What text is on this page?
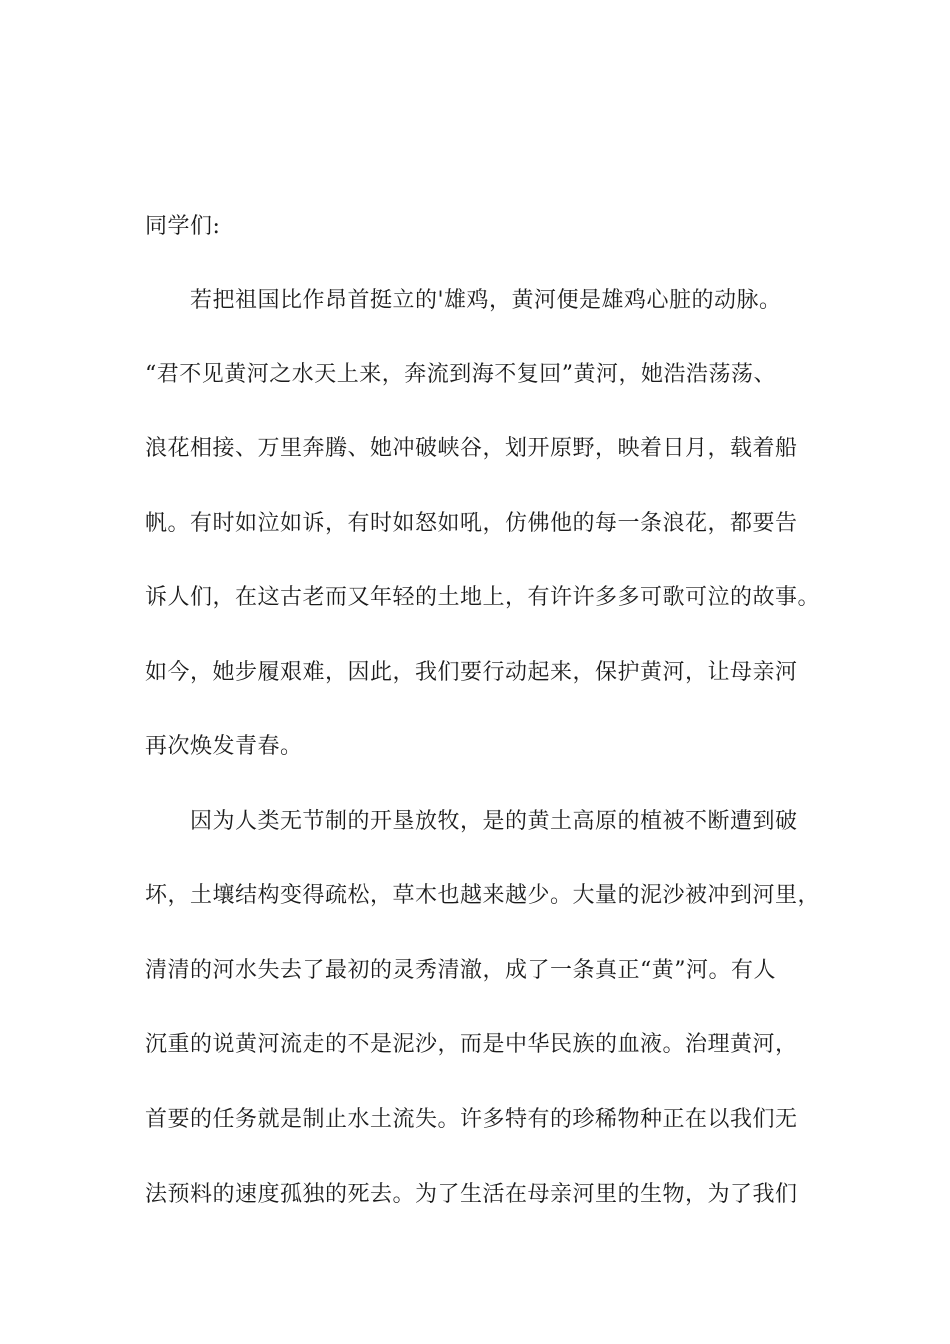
同学们:
若把祖国比作昂首挺立的'雄鸡，黄河便是雄鸡心脏的动脉。
“君不见黄河之水天上来，奔流到海不复回”黄河，她浩浩荡荡、
浪花相接、万里奔腾、她冲破峡谷，划开原野，映着日月，载着船
帆。有时如泣如诉，有时如怒如吼，仿佛他的每一条浪花，都要告
诉人们，在这古老而又年轻的土地上，有许许多多可歌可泣的故事。
如今，她步履艰难，因此，我们要行动起来，保护黄河，让母亲河
再次焕发青春。
因为人类无节制的开垦放牧，是的黄土高原的植被不断遭到破
坏，土壤结构变得疏松，草木也越来越少。大量的泥沙被冲到河里，
清清的河水失去了最初的灵秀清澈，成了一条真正“黄”河。有人
沉重的说黄河流走的不是泥沙，而是中华民族的血液。治理黄河，
首要的任务就是制止水土流失。许多特有的珍稀物种正在以我们无
法预料的速度孤独的死去。为了生活在母亲河里的生物，为了我们
